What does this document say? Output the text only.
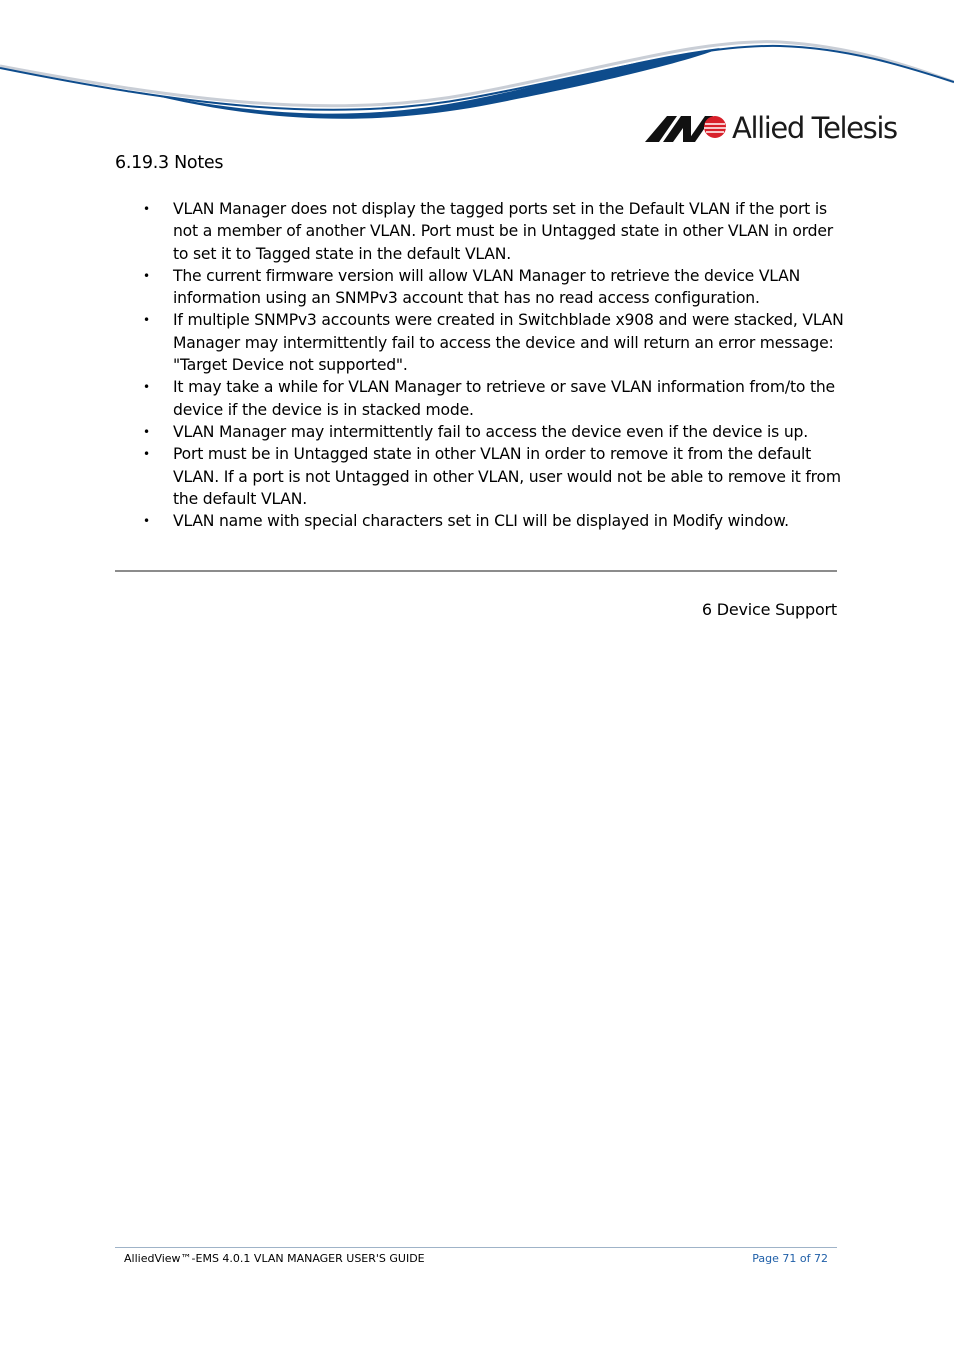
Allied Telesis
6.19.3 Notes
• VLAN Manager does not display the tagged ports set in the Default VLAN if the port is not a member of another VLAN. Port must be in Untagged state in other VLAN in order to set it to Tagged state in the default VLAN.
• The current firmware version will allow VLAN Manager to retrieve the device VLAN information using an SNMPv3 account that has no read access configuration.
• If multiple SNMPv3 accounts were created in Switchblade x908 and were stacked, VLAN Manager may intermittently fail to access the device and will return an error message: "Target Device not supported".
• It may take a while for VLAN Manager to retrieve or save VLAN information from/to the device if the device is in stacked mode.
• VLAN Manager may intermittently fail to access the device even if the device is up.
• Port must be in Untagged state in other VLAN in order to remove it from the default VLAN. If a port is not Untagged in other VLAN, user would not be able to remove it from the default VLAN.
• VLAN name with special characters set in CLI will be displayed in Modify window.
6 Device Support
AlliedView™-EMS 4.0.1 VLAN MANAGER USER'S GUIDE	Page 71 of 72
